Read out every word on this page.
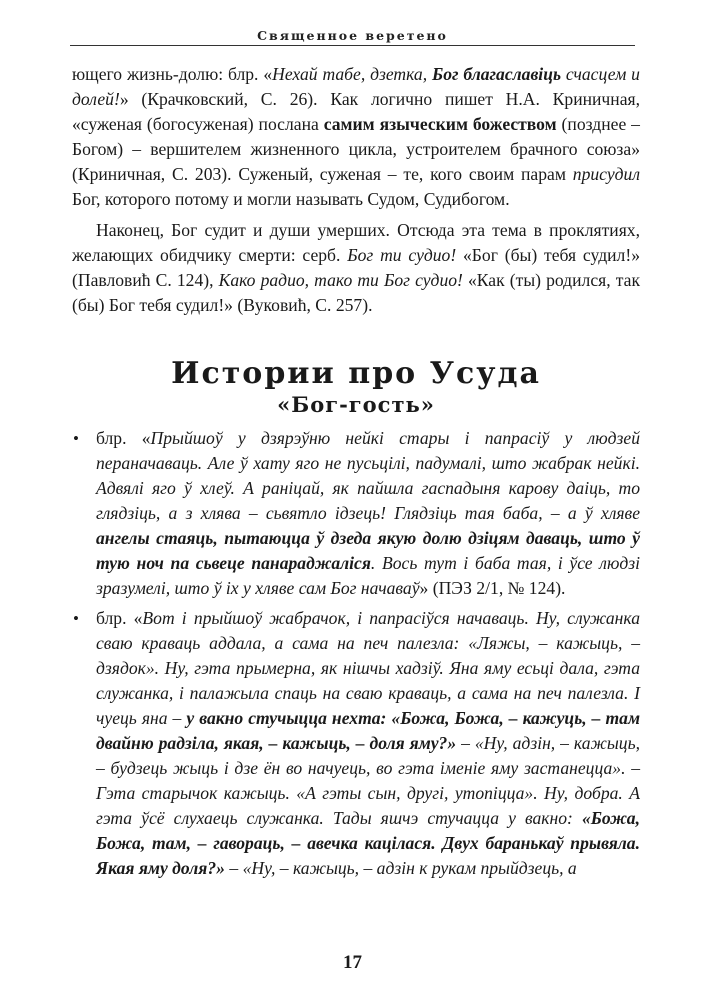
Священное веретено

ющего жизнь-долю: блр. «Нехай табе, дзетка, Бог благаславіць счасцем и долей!» (Крачковский, С. 26). Как логично пишет Н.А. Криничная, «суженая (богосуженая) послана самим языческим божеством (позднее – Богом) – вершителем жизненного цикла, устроителем брачного союза» (Криничная, С. 203). Суженый, суженая – те, кого своим парам присудил Бог, которого потому и могли называть Судом, Судибогом.

Наконец, Бог судит и души умерших. Отсюда эта тема в проклятиях, желающих обидчику смерти: серб. Бог ти судио! «Бог (бы) тебя судил!» (Павловић С. 124), Како радио, тако ти Бог судио! «Как (ты) родился, так (бы) Бог тебя судил!» (Вуковић, С. 257).

Истории про Усуда
«Бог-гость»
• блр. «Прыйшоў у дзярэўню нейкі стары і папрасіў у людзей пераначаваць. Але ў хату яго не пусьцілі, падумалі, што жабрак нейкі. Адвялі яго ў хлеў. А раніцай, як пайшла гаспадыня карову даіць, то глядзіць, а з хлява – сьвятло ідзець! Глядзіць тая баба, – а ў хляве ангелы стаяць, пытаюцца ў дзеда якую долю дзіцям даваць, што ў тую ноч па сьвеце панараджаліся. Вось тут і баба тая, і ўсе людзі зразумелі, што ў іх у хляве сам Бог начаваў» (ПЭЗ 2/1, № 124).
• блр. «Вот і прыйшоў жабрачок, і папрасіўся начаваць. Ну, служанка сваю краваць аддала, а сама на печ палезла: «Ляжы, – кажыць, – дзядок». Ну, гэта прымерна, як нішчы хадзіў. Яна яму есьці дала, гэта служанка, і палажыла спаць на сваю краваць, а сама на печ палезла. І чуець яна – у вакно стучыцца нехта: «Божа, Божа, – кажуць, – там двайню радзіла, якая, – кажыць, – доля яму?» – «Ну, адзін, – кажыць, – будзець жыць і дзе ён во начуець, во гэта іменіе яму застанецца». – Гэта старычок кажыць. «А гэты сын, другі, утопіцца». Ну, добра. А гэта ўсё слухаець служанка. Тады яшчэ стучацца у вакно: «Божа, Божа, там, – гавораць, – авечка кацілася. Двух баранькаў прывяла. Якая яму доля?» – «Ну, – кажыць, – адзін к рукам прыйдзець, а
17
